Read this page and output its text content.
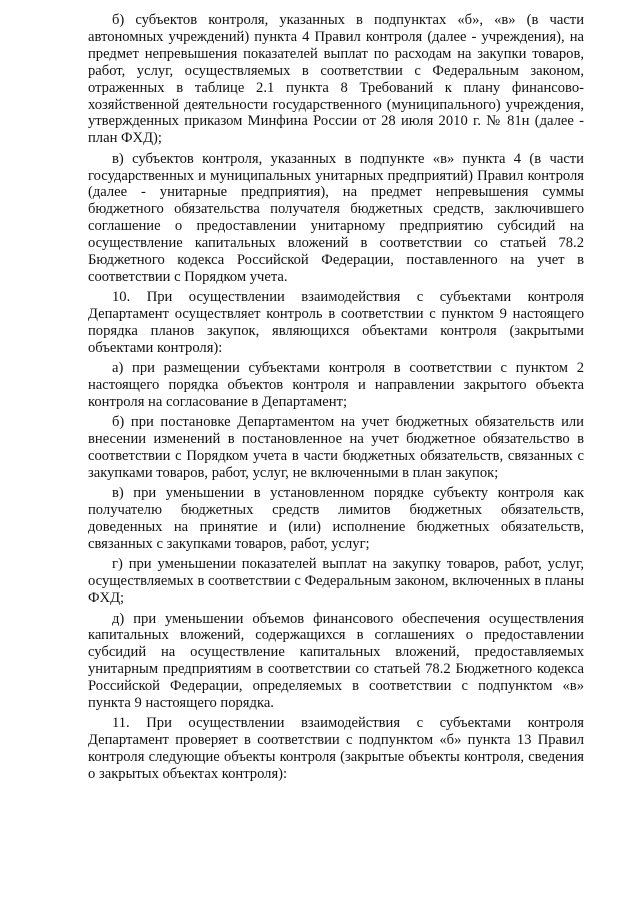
б) субъектов контроля, указанных в подпунктах «б», «в» (в части автономных учреждений) пункта 4 Правил контроля (далее - учреждения), на предмет непревышения показателей выплат по расходам на закупки товаров, работ, услуг, осуществляемых в соответствии с Федеральным законом, отраженных в таблице 2.1 пункта 8 Требований к плану финансово-хозяйственной деятельности государственного (муниципального) учреждения, утвержденных приказом Минфина России от 28 июля 2010 г. № 81н (далее - план ФХД);

в) субъектов контроля, указанных в подпункте «в» пункта 4 (в части государственных и муниципальных унитарных предприятий) Правил контроля (далее - унитарные предприятия), на предмет непревышения суммы бюджетного обязательства получателя бюджетных средств, заключившего соглашение о предоставлении унитарному предприятию субсидий на осуществление капитальных вложений в соответствии со статьей 78.2 Бюджетного кодекса Российской Федерации, поставленного на учет в соответствии с Порядком учета.

10. При осуществлении взаимодействия с субъектами контроля Департамент осуществляет контроль в соответствии с пунктом 9 настоящего порядка планов закупок, являющихся объектами контроля (закрытыми объектами контроля):

а) при размещении субъектами контроля в соответствии с пунктом 2 настоящего порядка объектов контроля и направлении закрытого объекта контроля на согласование в Департамент;

б) при постановке Департаментом на учет бюджетных обязательств или внесении изменений в постановленное на учет бюджетное обязательство в соответствии с Порядком учета в части бюджетных обязательств, связанных с закупками товаров, работ, услуг, не включенными в план закупок;

в) при уменьшении в установленном порядке субъекту контроля как получателю бюджетных средств лимитов бюджетных обязательств, доведенных на принятие и (или) исполнение бюджетных обязательств, связанных с закупками товаров, работ, услуг;

г) при уменьшении показателей выплат на закупку товаров, работ, услуг, осуществляемых в соответствии с Федеральным законом, включенных в планы ФХД;

д) при уменьшении объемов финансового обеспечения осуществления капитальных вложений, содержащихся в соглашениях о предоставлении субсидий на осуществление капитальных вложений, предоставляемых унитарным предприятиям в соответствии со статьей 78.2 Бюджетного кодекса Российской Федерации, определяемых в соответствии с подпунктом «в» пункта 9 настоящего порядка.

11. При осуществлении взаимодействия с субъектами контроля Департамент проверяет в соответствии с подпунктом «б» пункта 13 Правил контроля следующие объекты контроля (закрытые объекты контроля, сведения о закрытых объектах контроля):
